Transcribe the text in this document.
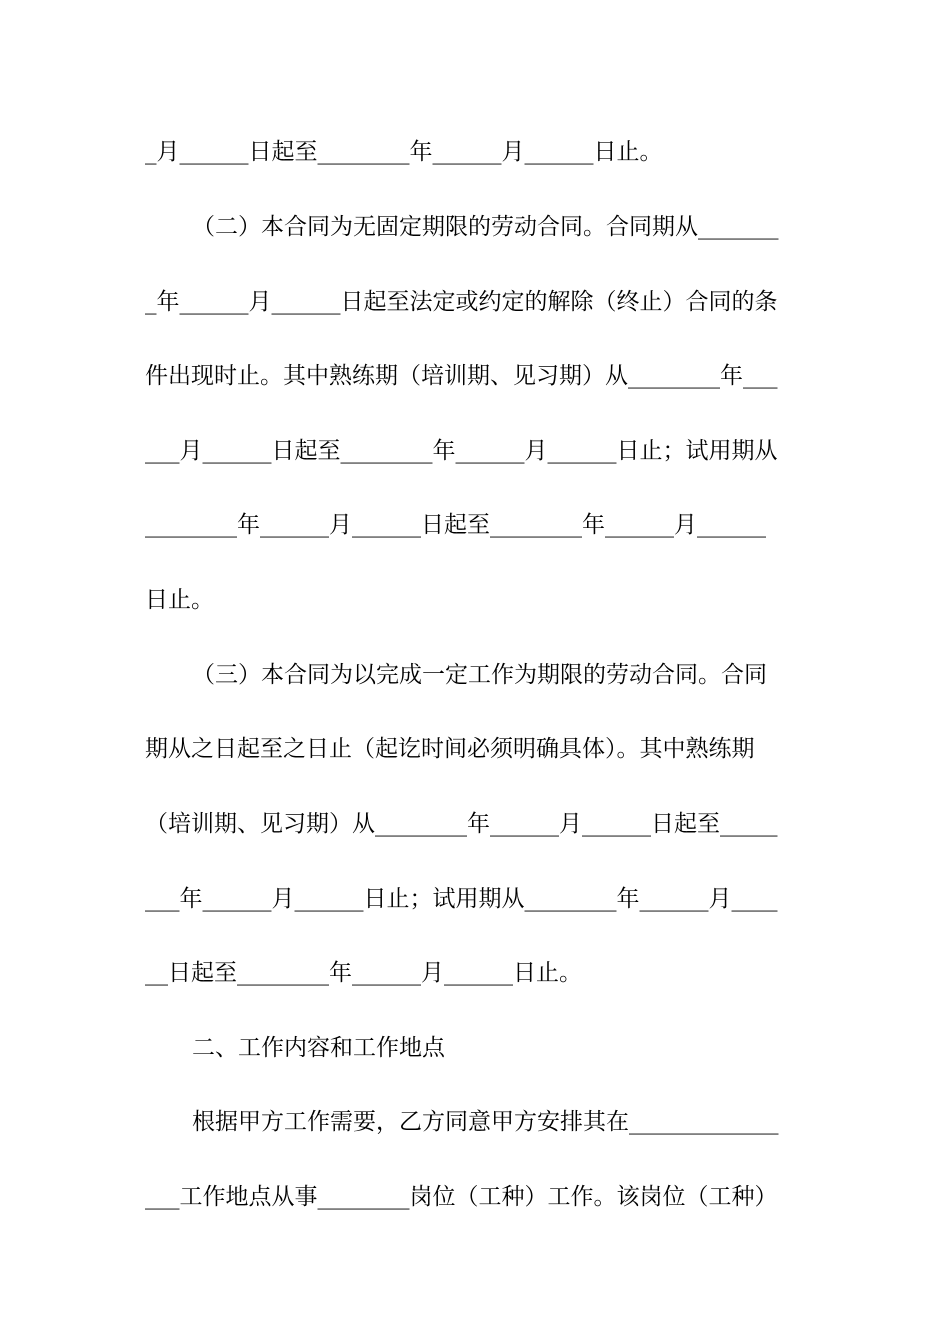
_月______日起至________年______月______日止。
（二）本合同为无固定期限的劳动合同。合同期从_______
_年______月______日起至法定或约定的解除（终止）合同的条
件出现时止。其中熟练期（培训期、见习期）从________年___
___月______日起至________年______月______日止；试用期从
________年______月______日起至________年______月______
日止。
（三）本合同为以完成一定工作为期限的劳动合同。合同
期从之日起至之日止（起讫时间必须明确具体）。其中熟练期
（培训期、见习期）从________年______月______日起至_____
___年______月______日止；试用期从________年______月____
__日起至________年______月______日止。
二、工作内容和工作地点
根据甲方工作需要，乙方同意甲方安排其在_____________
___工作地点从事________岗位（工种）工作。该岗位（工种）
